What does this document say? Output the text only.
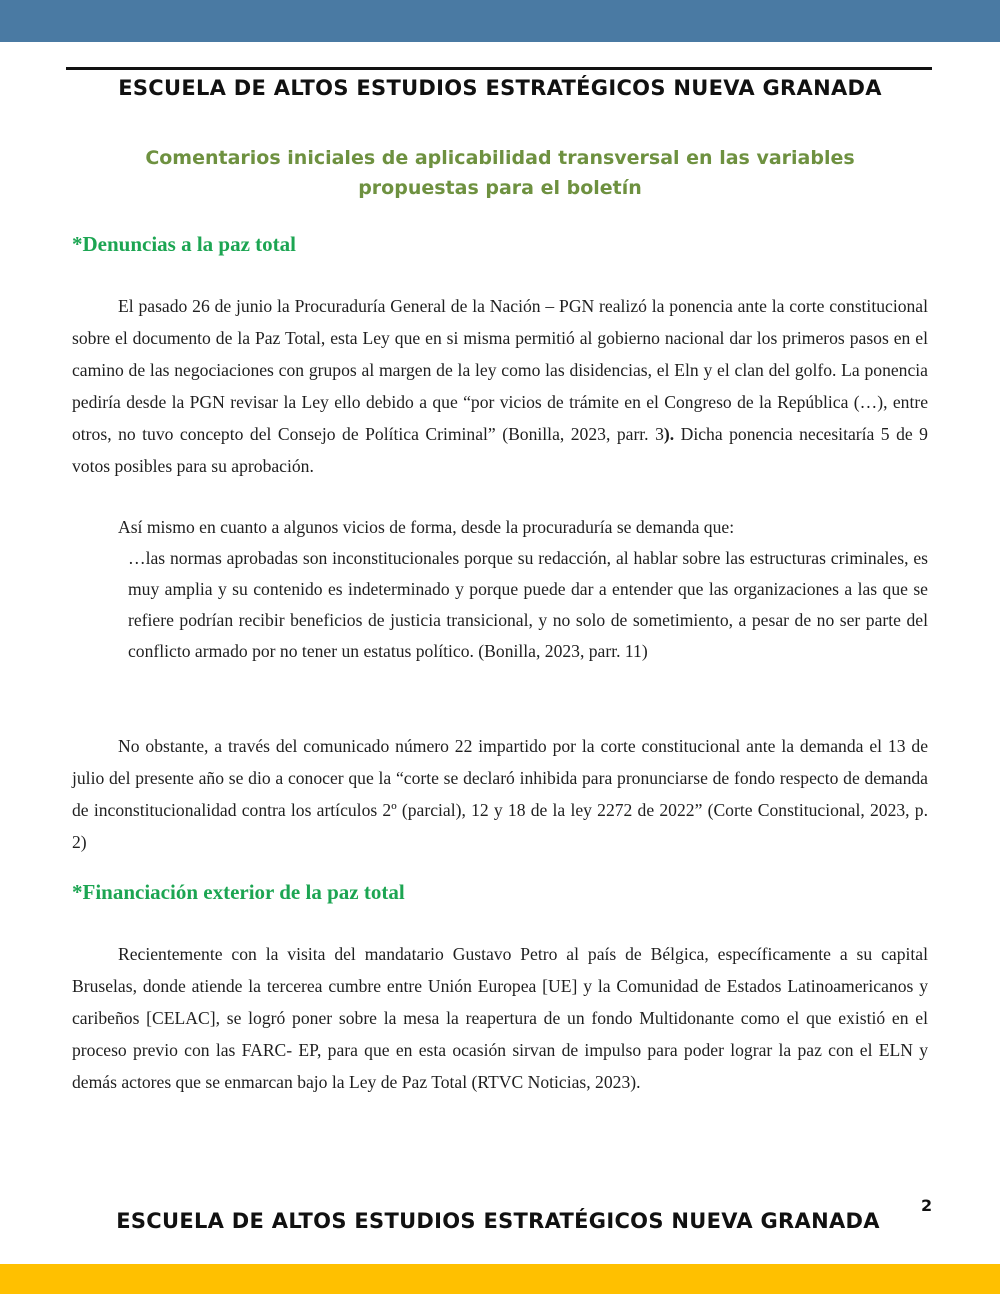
ESCUELA DE ALTOS ESTUDIOS ESTRATÉGICOS NUEVA GRANADA
Comentarios iniciales de aplicabilidad transversal en las variables
propuestas para el boletín
*Denuncias a la paz total

El pasado 26 de junio la Procuraduría General de la Nación – PGN realizó la ponencia ante la corte constitucional sobre el documento de la Paz Total, esta Ley que en si misma permitió al gobierno nacional dar los primeros pasos en el camino de las negociaciones con grupos al margen de la ley como las disidencias, el Eln y el clan del golfo. La ponencia pediría desde la PGN revisar la Ley ello debido a que “por vicios de trámite en el Congreso de la República (…), entre otros, no tuvo concepto del Consejo de Política Criminal” (Bonilla, 2023, parr. 3). Dicha ponencia necesitaría 5 de 9 votos posibles para su aprobación.

Así mismo en cuanto a algunos vicios de forma, desde la procuraduría se demanda que:

…las normas aprobadas son inconstitucionales porque su redacción, al hablar sobre las estructuras criminales, es muy amplia y su contenido es indeterminado y porque puede dar a entender que las organizaciones a las que se refiere podrían recibir beneficios de justicia transicional, y no solo de sometimiento, a pesar de no ser parte del conflicto armado por no tener un estatus político. (Bonilla, 2023, parr. 11)

No obstante, a través del comunicado número 22 impartido por la corte constitucional ante la demanda el 13 de julio del presente año se dio a conocer que la “corte se declaró inhibida para pronunciarse de fondo respecto de demanda de inconstitucionalidad contra los artículos 2º (parcial), 12 y 18 de la ley 2272 de 2022” (Corte Constitucional, 2023, p. 2)

*Financiación exterior de la paz total

Recientemente con la visita del mandatario Gustavo Petro al país de Bélgica, específicamente a su capital Bruselas, donde atiende la tercerea cumbre entre Unión Europea [UE] y la Comunidad de Estados Latinoamericanos y caribeños [CELAC], se logró poner sobre la mesa la reapertura de un fondo Multidonante como el que existió en el proceso previo con las FARC- EP, para que en esta ocasión sirvan de impulso para poder lograr la paz con el ELN y demás actores que se enmarcan bajo la Ley de Paz Total (RTVC Noticias, 2023).

2
ESCUELA DE ALTOS ESTUDIOS ESTRATÉGICOS NUEVA GRANADA
